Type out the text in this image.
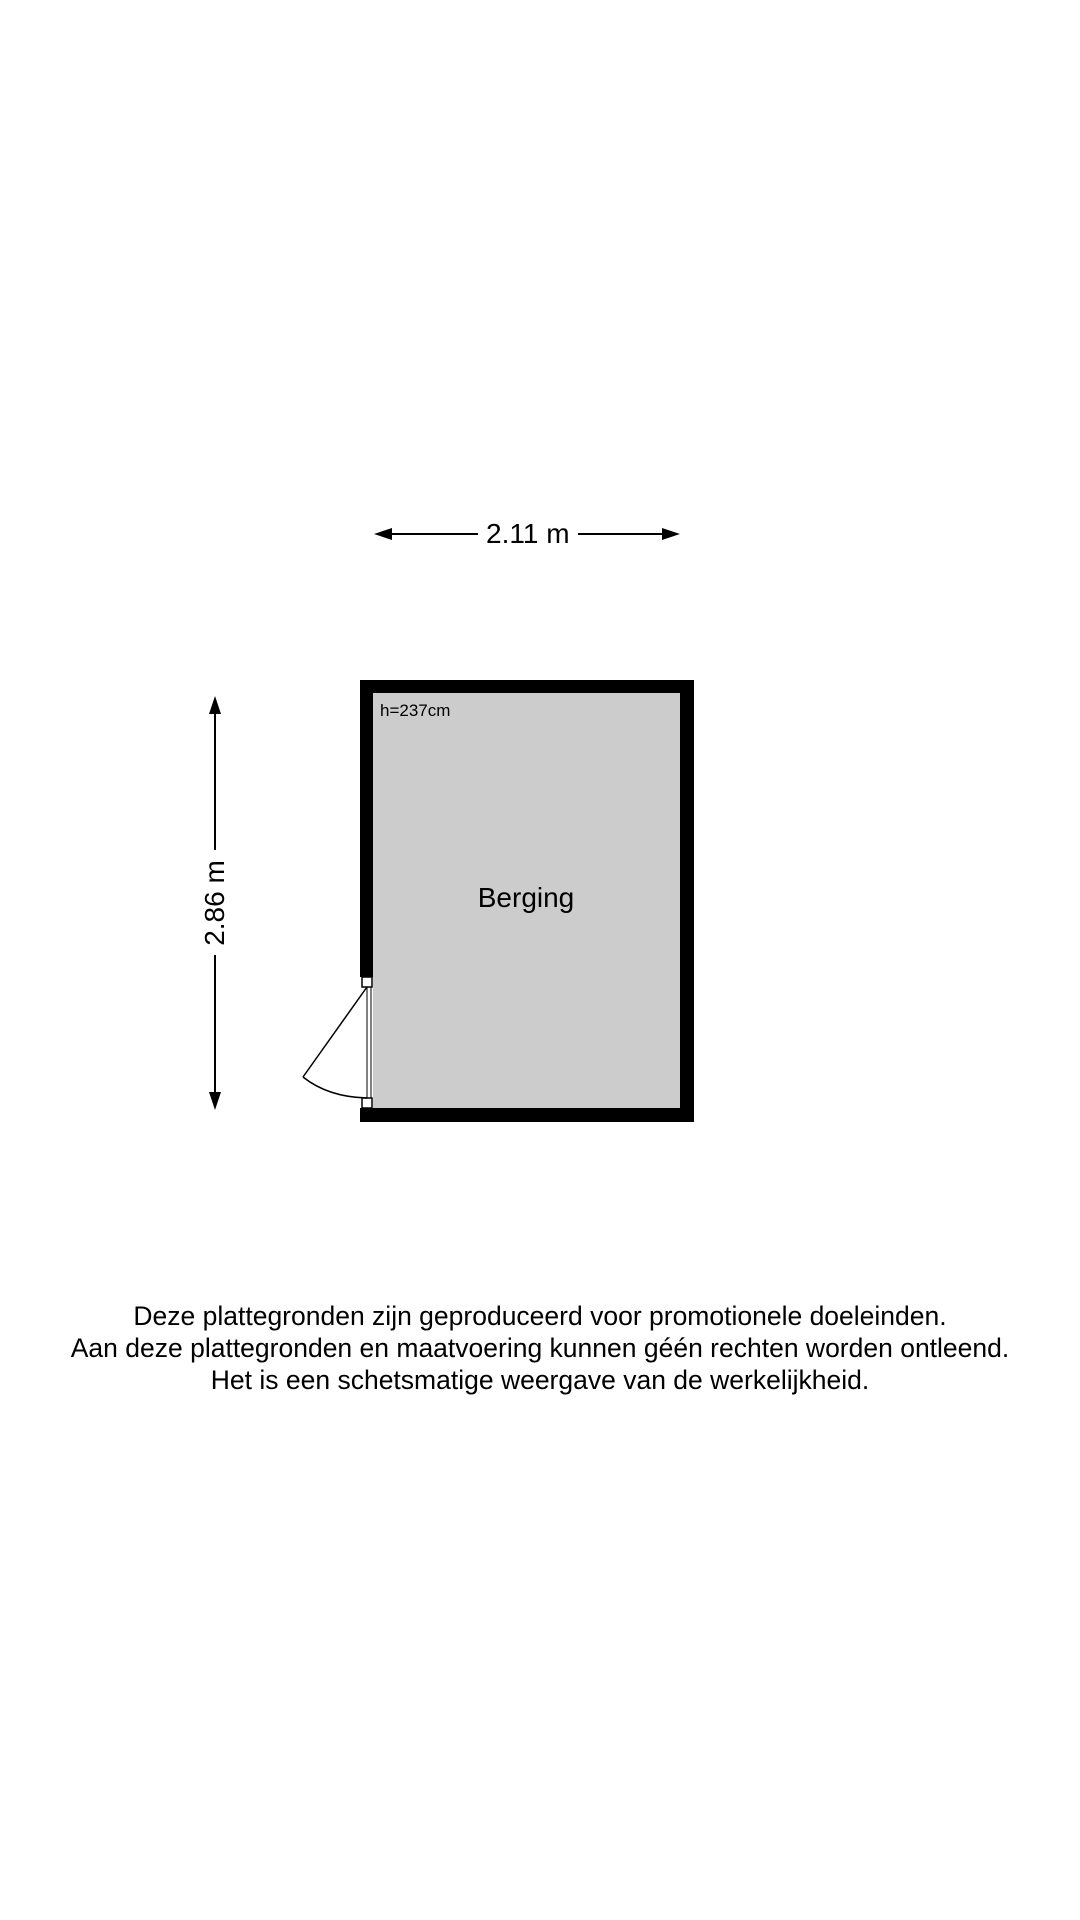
2.11 m
2.86 m
h=237cm
Berging
Deze plattegronden zijn geproduceerd voor promotionele doeleinden.
Aan deze plattegronden en maatvoering kunnen géén rechten worden ontleend.
Het is een schetsmatige weergave van de werkelijkheid.
